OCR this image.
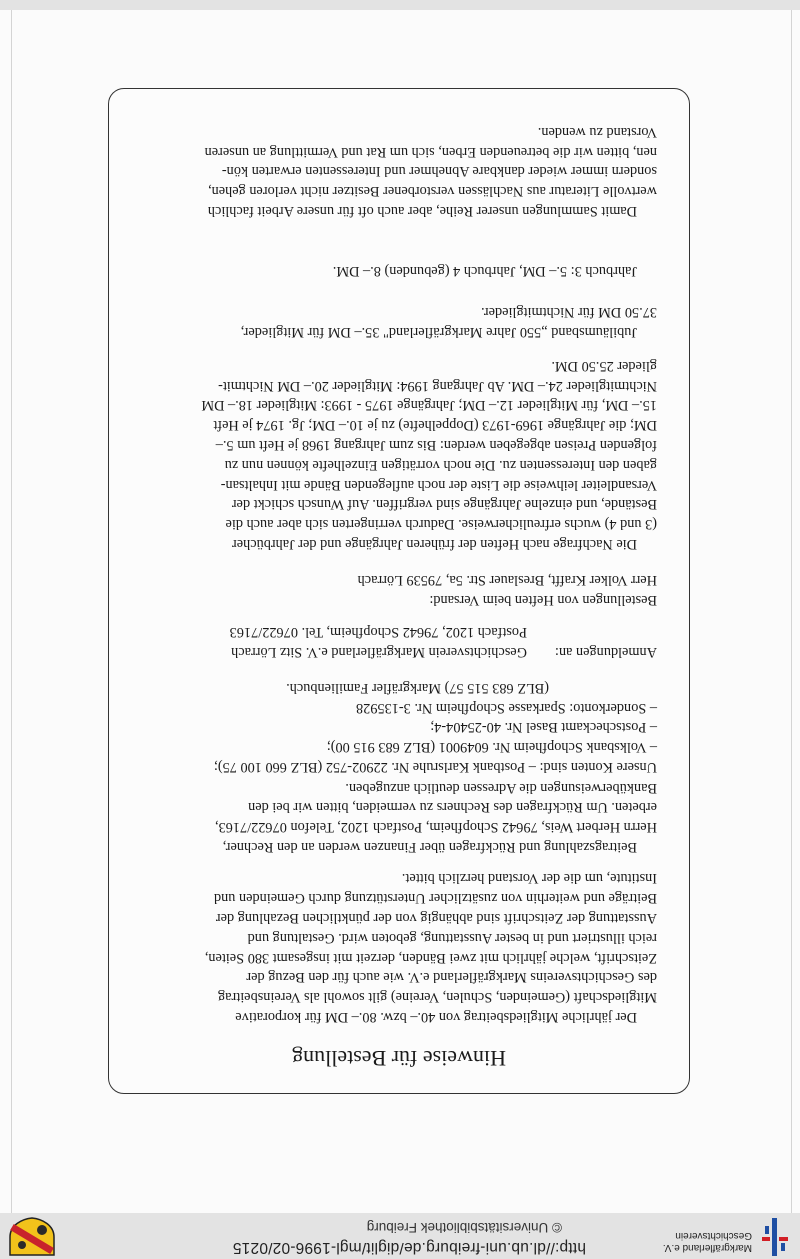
Hinweise für Bestellung

Der jährliche Mitgliedsbeitrag von 40.– bzw. 80.– DM für korporative
Mitgliedschaft (Gemeinden, Schulen, Vereine) gilt sowohl als Vereinsbeitrag
des Geschichtsvereins Markgräflerland e.V. wie auch für den Bezug der
Zeitschrift, welche jährlich mit zwei Bänden, derzeit mit insgesamt 380 Seiten,
reich illustriert und in bester Ausstattung, geboten wird. Gestaltung und
Ausstattung der Zeitschrift sind abhängig von der pünktlichen Bezahlung der
Beiträge und weiterhin von zusätzlicher Unterstützung durch Gemeinden und
Institute, um die der Vorstand herzlich bittet.

Beitragszahlung und Rückfragen über Finanzen werden an den Rechner,
Herrn Herbert Weis, 79642 Schopfheim, Postfach 1202, Telefon 07622/7163,
erbeten. Um Rückfragen des Rechners zu vermeiden, bitten wir bei den
Banküberweisungen die Adressen deutlich anzugeben.

Unsere Konten sind: – Postbank Karlsruhe Nr. 22902-752 (BLZ 660 100 75);
– Volksbank Schopfheim Nr. 6049001 (BLZ 683 915 00);
– Postscheckamt Basel Nr. 40-25404-4;
– Sonderkonto: Sparkasse Schopfheim Nr. 3-135928
(BLZ 683 515 57) Markgräfler Familienbuch.

Anmeldungen an:Geschichtsverein Markgräflerland e.V. Sitz Lörrach
Postfach 1202, 79642 Schopfheim, Tel. 07622/7163
Bestellungen von Heften beim Versand:
Herr Volker Krafft, Breslauer Str. 5a, 79539 Lörrach

Die Nachfrage nach Heften der früheren Jahrgänge und der Jahrbücher
(3 und 4) wuchs erfreulicherweise. Dadurch verringerten sich aber auch die
Bestände, und einzelne Jahrgänge sind vergriffen. Auf Wunsch schickt der
Versandleiter leihweise die Liste der noch auflegenden Bände mit Inhaltsan-
gaben den Interessenten zu. Die noch vorrätigen Einzelhefte können nun zu
folgenden Preisen abgegeben werden: Bis zum Jahrgang 1968 je Heft um 5.–
DM; die Jahrgänge 1969-1973 (Doppelhefte) zu je 10.– DM; Jg. 1974 je Heft
15.– DM, für Mitglieder 12.– DM; Jahrgänge 1975 - 1993: Mitglieder 18.– DM
Nichtmitglieder 24.– DM. Ab Jahrgang 1994: Mitglieder 20.– DM Nichtmit-
glieder 25.50 DM.

Jubiläumsband „550 Jahre Markgräflerland" 35.– DM für Mitglieder,
37.50 DM für Nichtmitglieder.

Jahrbuch 3: 5.– DM, Jahrbuch 4 (gebunden) 8.– DM.

Damit Sammlungen unserer Reihe, aber auch oft für unsere Arbeit fachlich
wertvolle Literatur aus Nachlässen verstorbener Besitzer nicht verloren gehen,
sondern immer wieder dankbare Abnehmer und Interessenten erwarten kön-
nen, bitten wir die betreuenden Erben, sich um Rat und Vermittlung an unseren
Vorstand zu wenden.

http://dl.ub.uni-freiburg.de/diglit/mgl-1996-02/0215
© Universitätsbibliothek Freiburg
Markgräflerland e.V.
Geschichtsverein
